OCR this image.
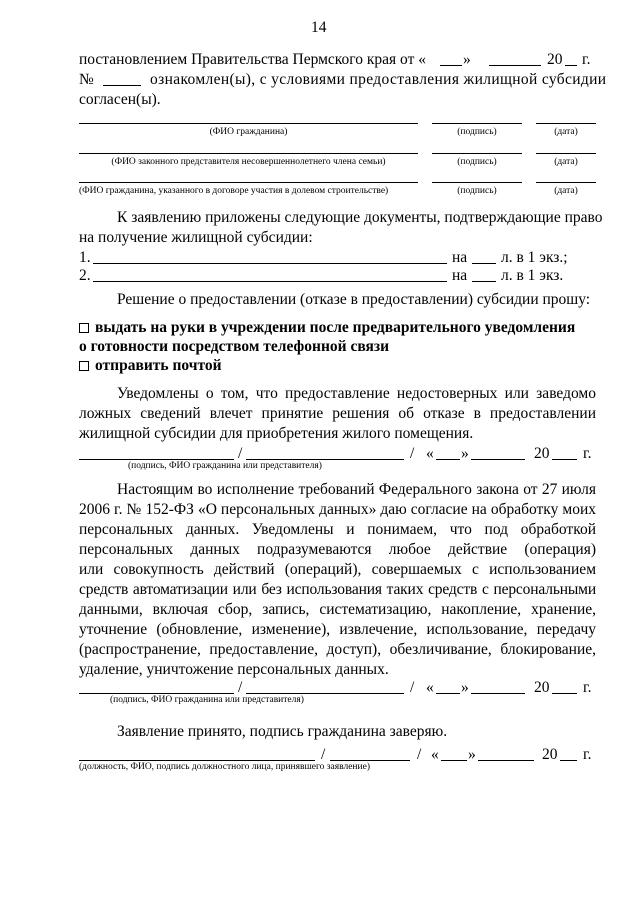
14
постановлением Правительства Пермского края от «	»	20 г.
№	ознакомлен(ы), с условиями предоставления жилищной субсидии
согласен(ы).
(ФИО гражданина)	(подпись)	(дата)
(ФИО законного представителя несовершеннолетнего члена семьи)	(подпись)	(дата)
(ФИО гражданина, указанного в договоре участия в долевом строительстве)	(подпись)	(дата)
К заявлению приложены следующие документы, подтверждающие право
на получение жилищной субсидии:
1.	на л. в 1 экз.;
2.	на л. в 1 экз.
Решение о предоставлении (отказе в предоставлении) субсидии прошу:
выдать на руки в учреждении после предварительного уведомления
о готовности посредством телефонной связи
отправить почтой
Уведомлены о том, что предоставление недостоверных или заведомо
ложных сведений влечет принятие решения об отказе в предоставлении
жилищной субсидии для приобретения жилого помещения.
/	/ « »	20 г.
(подпись, ФИО гражданина или представителя)
Настоящим во исполнение требований Федерального закона от 27 июля
2006 г. № 152-ФЗ «О персональных данных» даю согласие на обработку моих
персональных данных. Уведомлены и понимаем, что под обработкой
персональных данных подразумеваются любое действие (операция)
или совокупность действий (операций), совершаемых с использованием
средств автоматизации или без использования таких средств с персональными
данными, включая сбор, запись, систематизацию, накопление, хранение,
уточнение (обновление, изменение), извлечение, использование, передачу
(распространение, предоставление, доступ), обезличивание, блокирование,
удаление, уничтожение персональных данных.
/	/ « »	20 г.
(подпись, ФИО гражданина или представителя)
Заявление принято, подпись гражданина заверяю.
/	/ « »	20 г.
(должность, ФИО, подпись должностного лица, принявшего заявление)
